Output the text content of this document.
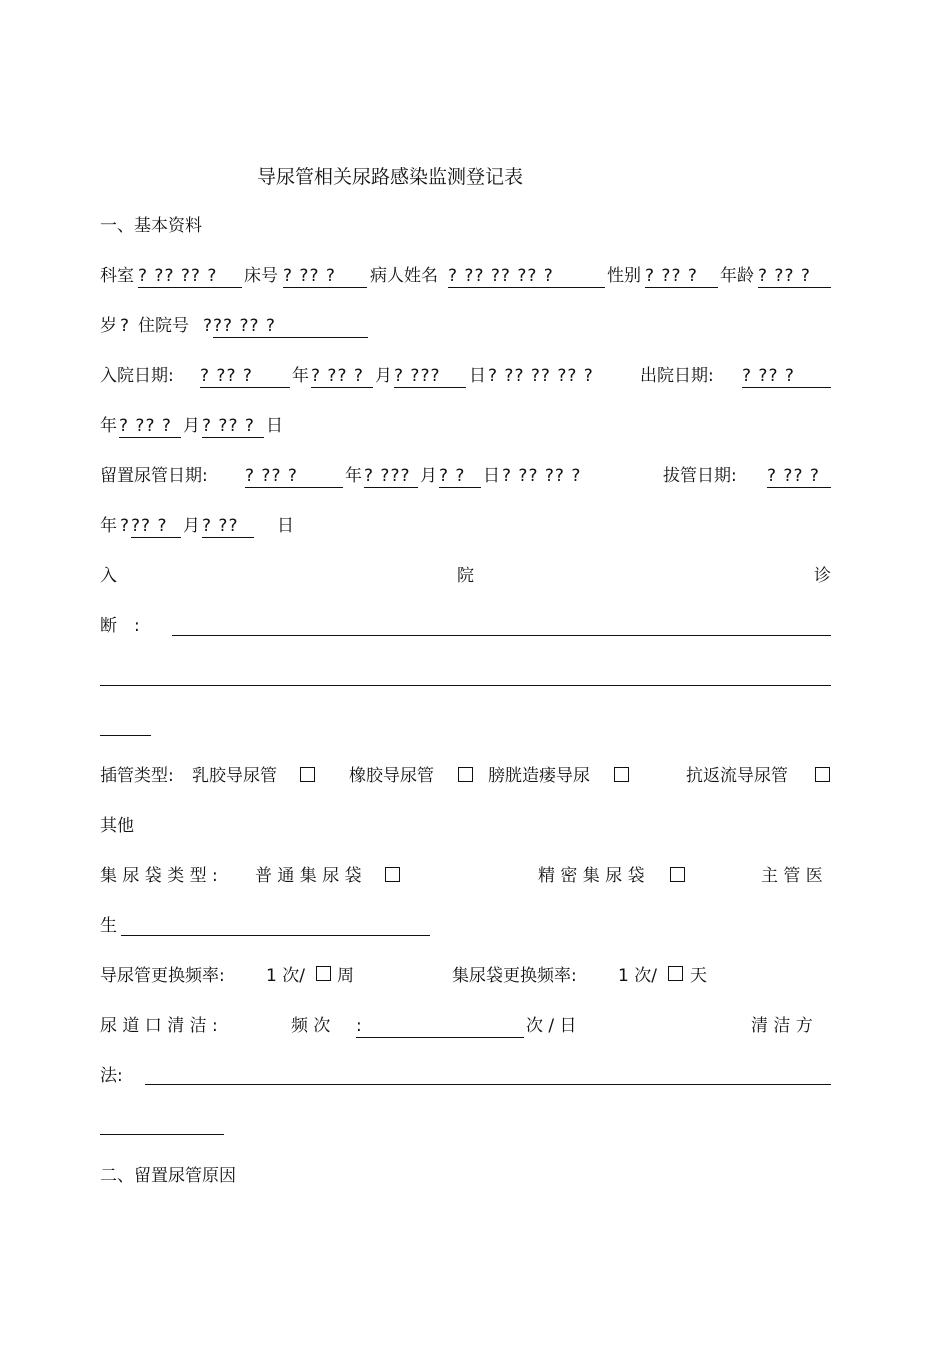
导尿管相关尿路感染监测登记表
一、基本资料
科室 ? ?? ?? ?	床号 ? ?? ?	病人姓名 ? ?? ?? ?? ?	性别 ? ?? ?	年龄 ? ?? ?
岁 ? 住院号 ? ?? ?? ?
入院日期: ? ?? ?	年 ? ?? ? 月 ? ???	日 ? ?? ?? ?? ?	出院日期: ? ?? ?
年 ? ?? ? 月 ? ?? ? 日
留置尿管日期: ? ?? ?	年 ? ??? 月 ? ?	日 ? ?? ?? ?	拔管日期: ? ?? ?
年 ? ?? ? 月 ? ??	日
入	院	诊
断 :
插管类型: 乳胶导尿管	橡胶导尿管	膀胱造瘘导尿	抗返流导尿管
其他
集 尿 袋 类 型 : 普 通 集 尿 袋	精 密 集 尿 袋	主 管 医
生
导尿管更换频率: 1 次/ 周	集尿袋更换频率: 1 次/ 天
尿 道 口 清 洁 :	频 次 :	次 / 日	清 洁 方
法:
二、留置尿管原因
